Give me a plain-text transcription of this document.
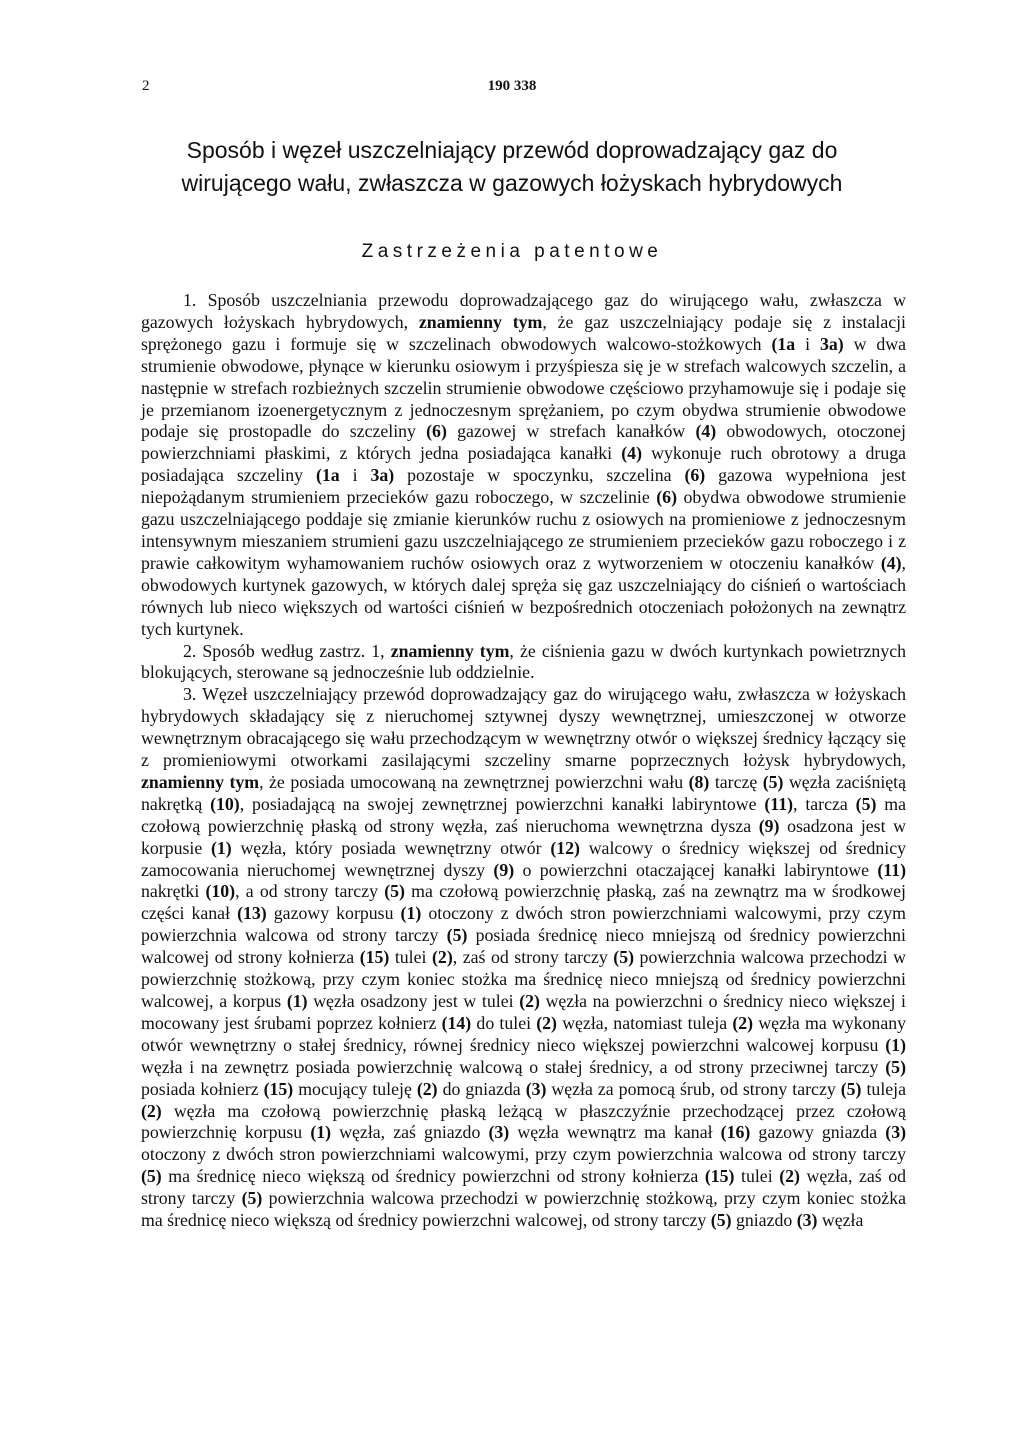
2	190 338
Sposób i węzeł uszczelniający przewód doprowadzający gaz do wirującego wału, zwłaszcza w gazowych łożyskach hybrydowych
Zastrzeżenia patentowe

1. Sposób uszczelniania przewodu doprowadzającego gaz do wirującego wału, zwłaszcza w gazowych łożyskach hybrydowych, znamienny tym, że gaz uszczelniający podaje się z instalacji sprężonego gazu i formuje się w szczelinach obwodowych walcowo-stożkowych (1a i 3a) w dwa strumienie obwodowe, płynące w kierunku osiowym i przyśpiesza się je w strefach walcowych szczelin, a następnie w strefach rozbieżnych szczelin strumienie obwodowe częściowo przyhamowuje się i podaje się je przemianom izoenergetycznym z jednoczesnym sprężaniem, po czym obydwa strumienie obwodowe podaje się prostopadle do szczeliny (6) gazowej w strefach kanałków (4) obwodowych, otoczonej powierzchniami płaskimi, z których jedna posiadająca kanałki (4) wykonuje ruch obrotowy a druga posiadająca szczeliny (1a i 3a) pozostaje w spoczynku, szczelina (6) gazowa wypełniona jest niepożądanym strumieniem przecieków gazu roboczego, w szczelinie (6) obydwa obwodowe strumienie gazu uszczelniającego poddaje się zmianie kierunków ruchu z osiowych na promieniowe z jednoczesnym intensywnym mieszaniem strumieni gazu uszczelniającego ze strumieniem przecieków gazu roboczego i z prawie całkowitym wyhamowaniem ruchów osiowych oraz z wytworzeniem w otoczeniu kanałków (4), obwodowych kurtynek gazowych, w których dalej spręża się gaz uszczelniający do ciśnień o wartościach równych lub nieco większych od wartości ciśnień w bezpośrednich otoczeniach położonych na zewnątrz tych kurtynek.

2. Sposób według zastrz. 1, znamienny tym, że ciśnienia gazu w dwóch kurtynkach powietrznych blokujących, sterowane są jednocześnie lub oddzielnie.

3. Węzeł uszczelniający przewód doprowadzający gaz do wirującego wału, zwłaszcza w łożyskach hybrydowych składający się z nieruchomej sztywnej dyszy wewnętrznej, umieszczonej w otworze wewnętrznym obracającego się wału przechodzącym w wewnętrzny otwór o większej średnicy łączący się z promieniowymi otworkami zasilającymi szczeliny smarne poprzecznych łożysk hybrydowych, znamienny tym, że posiada umocowaną na zewnętrznej powierzchni wału (8) tarczę (5) węzła zaciśniętą nakrętką (10), posiadającą na swojej zewnętrznej powierzchni kanałki labiryntowe (11), tarcza (5) ma czołową powierzchnię płaską od strony węzła, zaś nieruchoma wewnętrzna dysza (9) osadzona jest w korpusie (1) węzła, który posiada wewnętrzny otwór (12) walcowy o średnicy większej od średnicy zamocowania nieruchomej wewnętrznej dyszy (9) o powierzchni otaczającej kanałki labiryntowe (11) nakrętki (10), a od strony tarczy (5) ma czołową powierzchnię płaską, zaś na zewnątrz ma w środkowej części kanał (13) gazowy korpusu (1) otoczony z dwóch stron powierzchniami walcowymi, przy czym powierzchnia walcowa od strony tarczy (5) posiada średnicę nieco mniejszą od średnicy powierzchni walcowej od strony kołnierza (15) tulei (2), zaś od strony tarczy (5) powierzchnia walcowa przechodzi w powierzchnię stożkową, przy czym koniec stożka ma średnicę nieco mniejszą od średnicy powierzchni walcowej, a korpus (1) węzła osadzony jest w tulei (2) węzła na powierzchni o średnicy nieco większej i mocowany jest śrubami poprzez kołnierz (14) do tulei (2) węzła, natomiast tuleja (2) węzła ma wykonany otwór wewnętrzny o stałej średnicy, równej średnicy nieco większej powierzchni walcowej korpusu (1) węzła i na zewnętrz posiada powierzchnię walcową o stałej średnicy, a od strony przeciwnej tarczy (5) posiada kołnierz (15) mocujący tuleję (2) do gniazda (3) węzła za pomocą śrub, od strony tarczy (5) tuleja (2) węzła ma czołową powierzchnię płaską leżącą w płaszczyźnie przechodzącej przez czołową powierzchnię korpusu (1) węzła, zaś gniazdo (3) węzła wewnątrz ma kanał (16) gazowy gniazda (3) otoczony z dwóch stron powierzchniami walcowymi, przy czym powierzchnia walcowa od strony tarczy (5) ma średnicę nieco większą od średnicy powierzchni od strony kołnierza (15) tulei (2) węzła, zaś od strony tarczy (5) powierzchnia walcowa przechodzi w powierzchnię stożkową, przy czym koniec stożka ma średnicę nieco większą od średnicy powierzchni walcowej, od strony tarczy (5) gniazdo (3) węzła
